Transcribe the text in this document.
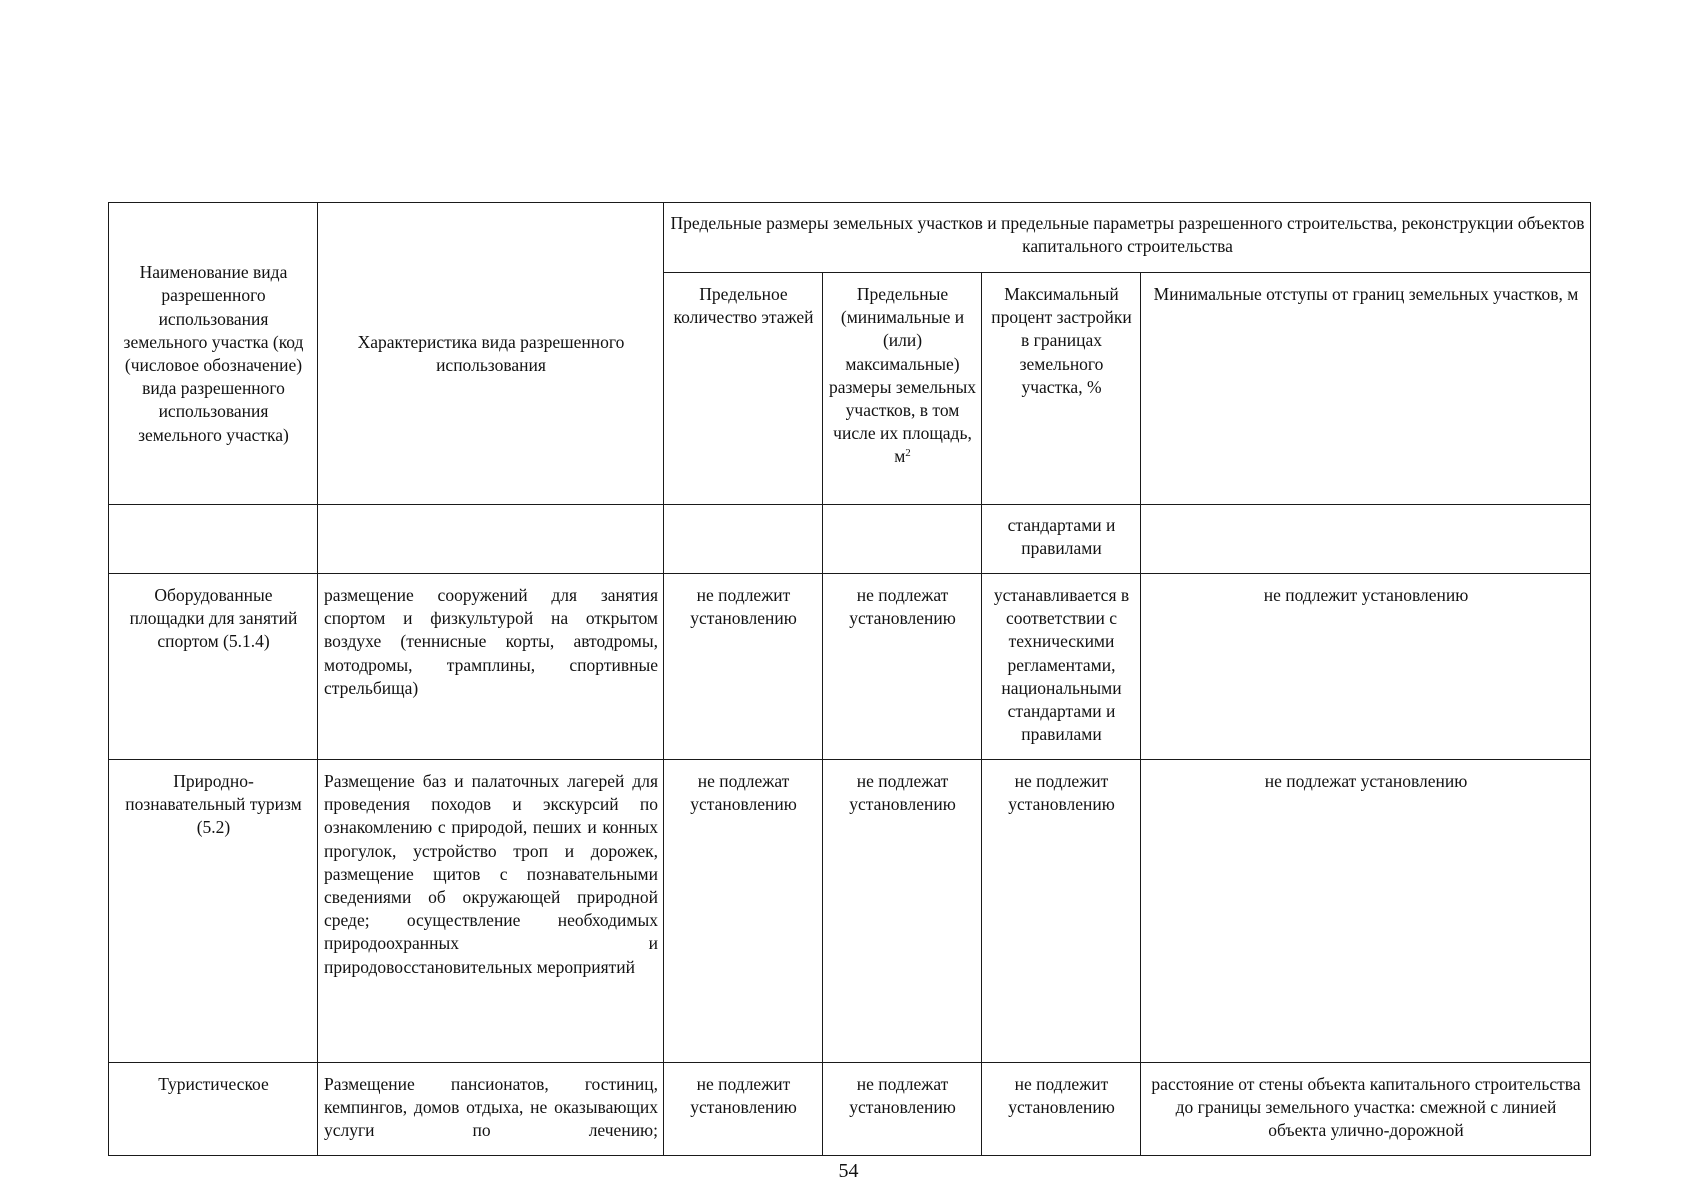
Наименование вида разрешенного использования земельного участка (код (числовое обозначение) вида разрешенного использования земельного участка)	Характеристика вида разрешенного использования	Предельные размеры земельных участков и предельные параметры разрешенного строительства, реконструкции объектов капитального строительства			
		Предельное количество этажей	Предельные (минимальные и (или) максимальные) размеры земельных участков, в том числе их площадь, $м^2$	Максимальный процент застройки в границах земельного участка, %	Минимальные отступы от границ земельных участков, м
				стандартами и правилами	
Оборудованные площадки для занятий спортом (5.1.4)	размещение сооружений для занятия спортом и физкультурой на открытом воздухе (теннисные корты, автодромы, мотодромы, трамплины, спортивные стрельбища)	не подлежит установлению	не подлежат установлению	устанавливается в соответствии с техническими регламентами, национальными стандартами и правилами	не подлежит установлению
Природно-познавательный туризм (5.2)	Размещение баз и палаточных лагерей для проведения походов и экскурсий по ознакомлению с природой, пеших и конных прогулок, устройство троп и дорожек, размещение щитов с познавательными сведениями об окружающей природной среде; осуществление необходимых природоохранных и природовосстановительных мероприятий	не подлежат установлению	не подлежат установлению	не подлежит установлению	не подлежат установлению
Туристическое	Размещение пансионатов, гостиниц, кемпингов, домов отдыха, не оказывающих услуги по лечению;	не подлежит установлению	не подлежат установлению	не подлежит установлению	расстояние от стены объекта капитального строительства до границы земельного участка: смежной с линией объекта улично-дорожной
54
